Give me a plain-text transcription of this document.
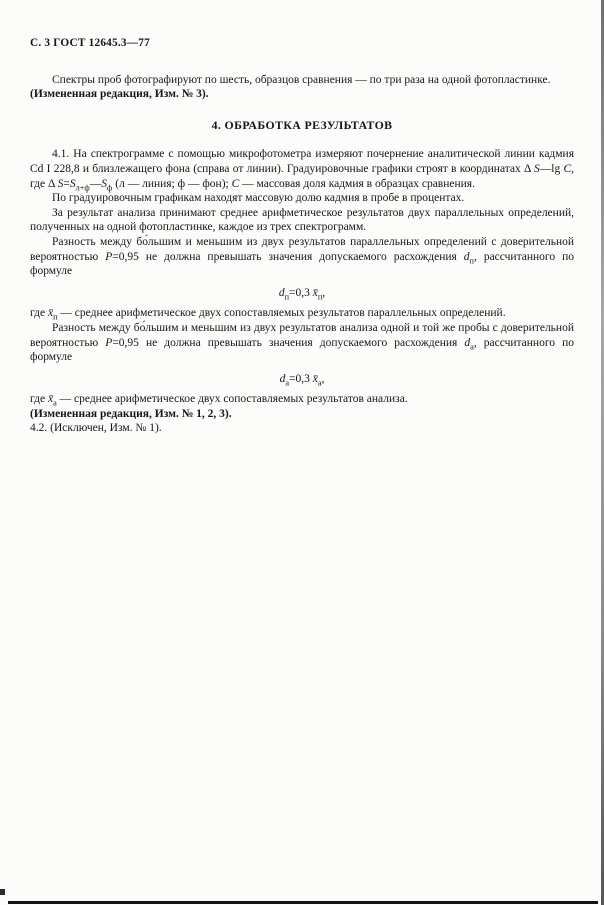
С. 3 ГОСТ 12645.3—77

Спектры проб фотографируют по шесть, образцов сравнения — по три раза на одной фотопластинке.

(Измененная редакция, Изм. № 3).

4. ОБРАБОТКА РЕЗУЛЬТАТОВ

4.1. На спектрограмме с помощью микрофотометра измеряют почернение аналитической линии кадмия Cd I 228,8 и близлежащего фона (справа от линии). Градуировочные графики строят в координатах Δ S—lg C, где Δ $S=S_{л+ф}—S_ф$ (л — линия; ф — фон); С — массовая доля кадмия в образцах сравнения.

По градуировочным графикам находят массовую долю кадмия в пробе в процентах.

За результат анализа принимают среднее арифметическое результатов двух параллельных определений, полученных на одной фотопластинке, каждое из трех спектрограмм.

Разность между бо́льшим и меньшим из двух результатов параллельных определений с доверительной вероятностью Р=0,95 не должна превышать значения допускаемого расхождения $d_п$, рассчитанного по формуле

$d_п=0,3$ $x̄_п$,

где $x̄_п$ — среднее арифметическое двух сопоставляемых результатов параллельных определений.

Разность между бо́льшим и меньшим из двух результатов анализа одной и той же пробы с доверительной вероятностью Р=0,95 не должна превышать значения допускаемого расхождения $d_а$, рассчитанного по формуле

$d_а=0,3$ $x̄_а$,

где $x̄_а$ — среднее арифметическое двух сопоставляемых результатов анализа.

(Измененная редакция, Изм. № 1, 2, 3).

4.2. (Исключен, Изм. № 1).
